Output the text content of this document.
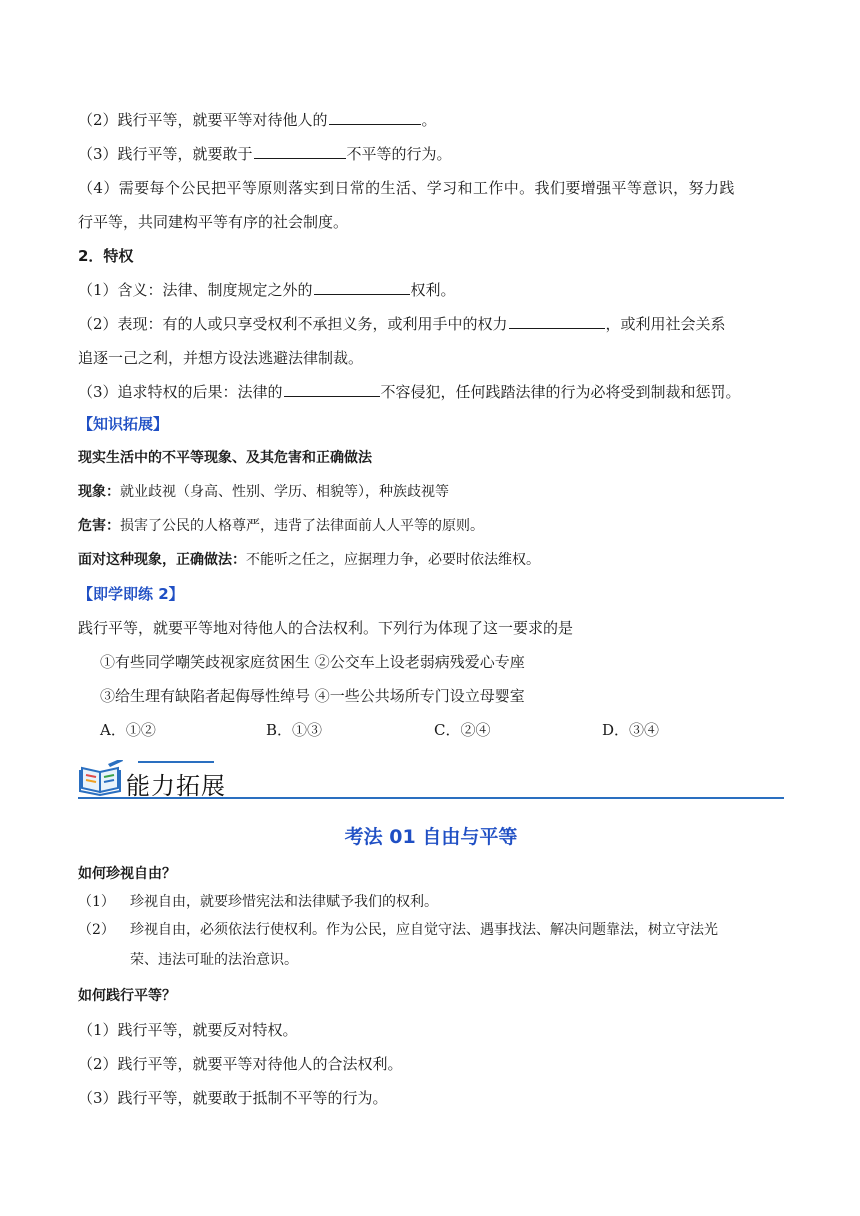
（2）践行平等，就要平等对待他人的	。
（3）践行平等，就要敢于	不平等的行为。
（4）需要每个公民把平等原则落实到日常的生活、学习和工作中。我们要增强平等意识，努力践
行平等，共同建构平等有序的社会制度。
2．特权
（1）含义：法律、制度规定之外的	权利。
（2）表现：有的人或只享受权利不承担义务，或利用手中的权力	，或利用社会关系
追逐一己之利，并想方设法逃避法律制裁。
（3）追求特权的后果：法律的	不容侵犯，任何践踏法律的行为必将受到制裁和惩罚。
【知识拓展】
现实生活中的不平等现象、及其危害和正确做法
现象：就业歧视（身高、性别、学历、相貌等），种族歧视等
危害：损害了公民的人格尊严，违背了法律面前人人平等的原则。
面对这种现象，正确做法：不能听之任之，应据理力争，必要时依法维权。
【即学即练 2】
践行平等，就要平等地对待他人的合法权利。下列行为体现了这一要求的是
①有些同学嘲笑歧视家庭贫困生 ②公交车上设老弱病残爱心专座
③给生理有缺陷者起侮辱性绰号 ④一些公共场所专门设立母婴室
A．①②	B．①③	C．②④	D．③④
能力拓展
考法 01 自由与平等
如何珍视自由？
（1） 珍视自由，就要珍惜宪法和法律赋予我们的权利。
（2） 珍视自由，必须依法行使权利。作为公民，应自觉守法、遇事找法、解决问题靠法，树立守法光
荣、违法可耻的法治意识。
如何践行平等？
（1）践行平等，就要反对特权。
（2）践行平等，就要平等对待他人的合法权利。
（3）践行平等，就要敢于抵制不平等的行为。
